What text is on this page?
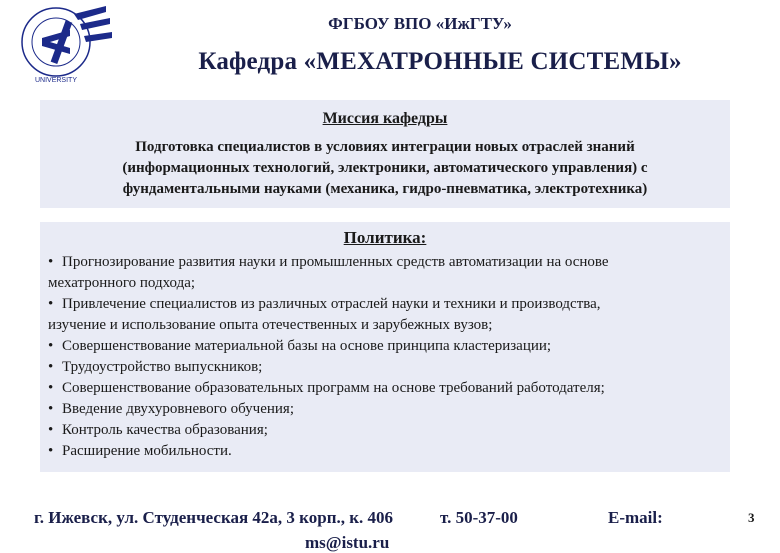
UNIVERSITY
ФГБОУ ВПО «ИжГТУ»
Кафедра «МЕХАТРОННЫЕ СИСТЕМЫ»
Миссия кафедры
Подготовка специалистов в условиях интеграции новых отраслей знаний
(информационных технологий, электроники, автоматического управления) с
фундаментальными науками (механика, гидро-пневматика, электротехника)
Политика:
• Прогнозирование развития науки и промышленных средств автоматизации на основе
мехатронного подхода;
• Привлечение специалистов из различных отраслей науки и техники и производства,
изучение и использование опыта отечественных и зарубежных вузов;
• Совершенствование материальной базы на основе принципа кластеризации;
• Трудоустройство выпускников;
• Совершенствование образовательных программ на основе требований работодателя;
• Введение двухуровневого обучения;
• Контроль качества образования;
• Расширение мобильности.
г. Ижевск, ул. Студенческая 42а, 3 корп., к. 406	т. 50-37-00	E-mail:
ms@istu.ru
3
